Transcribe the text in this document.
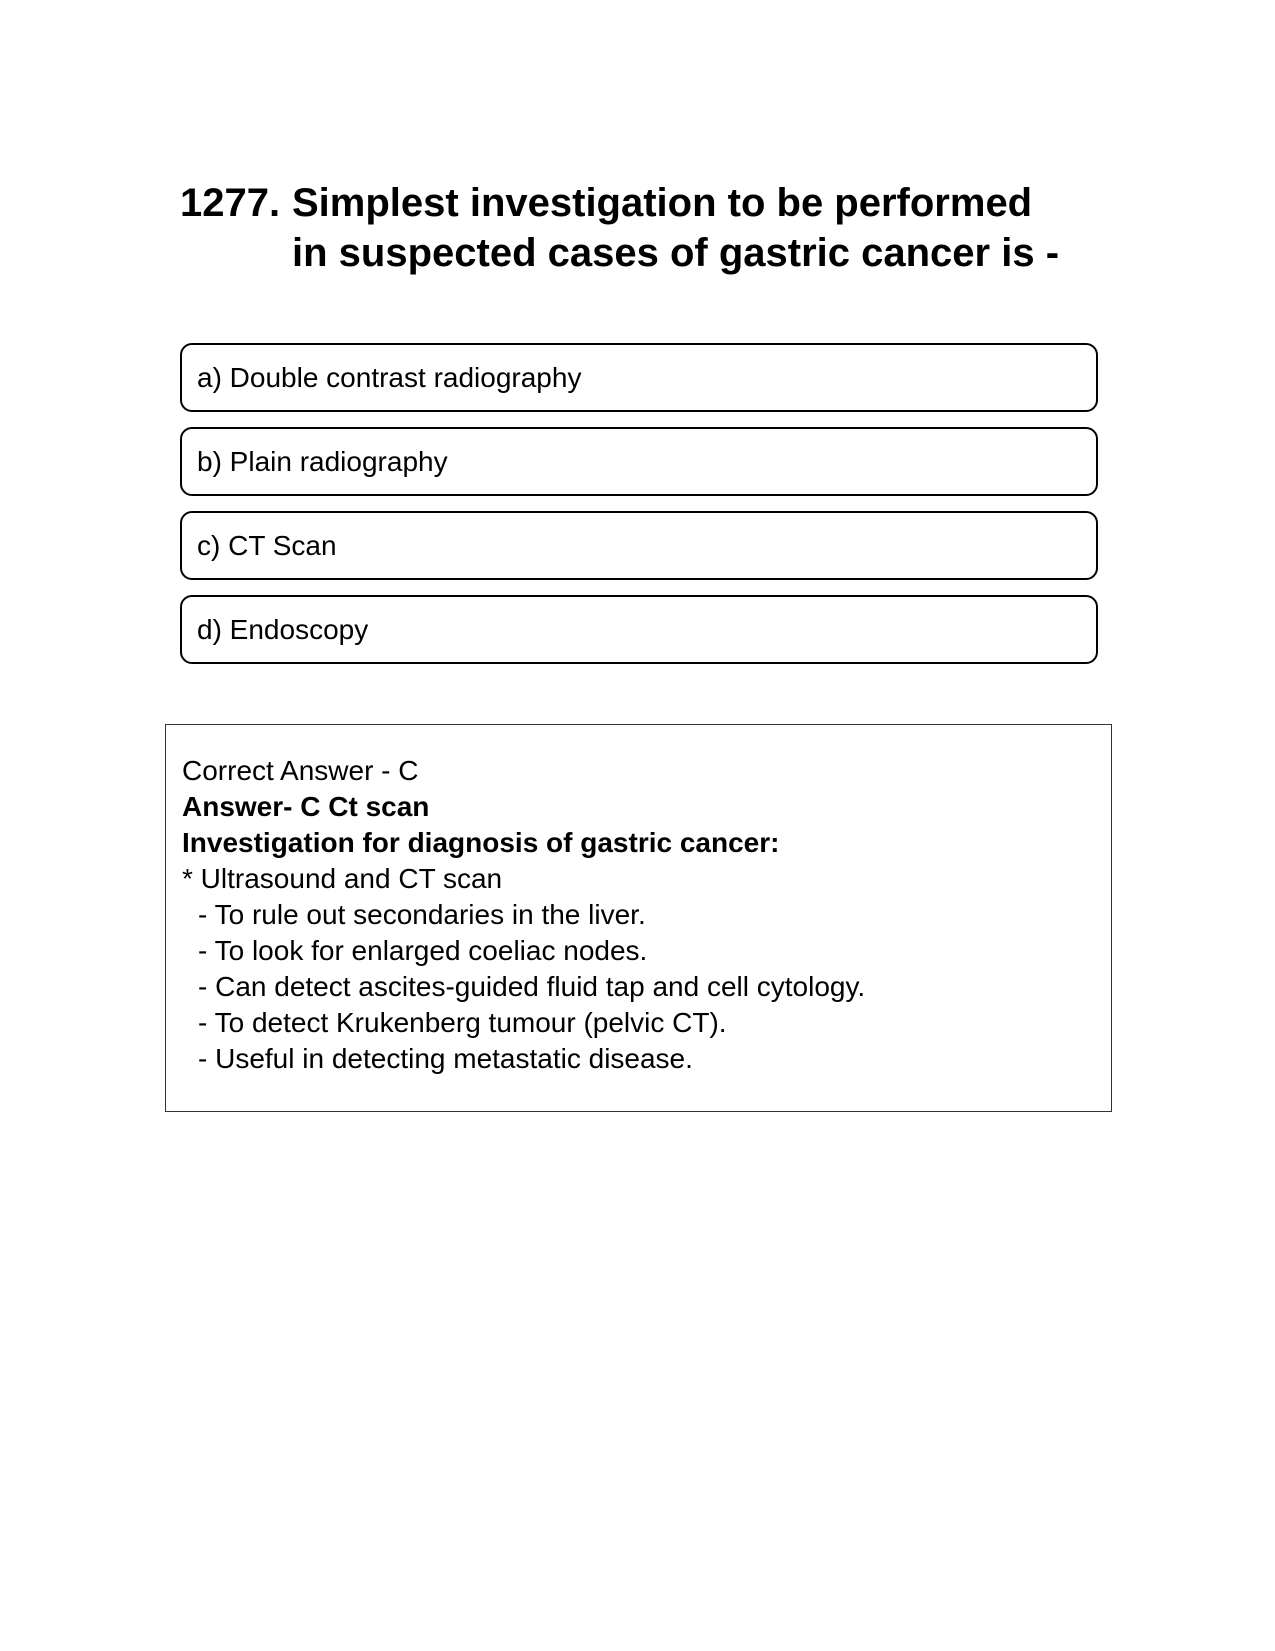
1277. Simplest investigation to be performed in suspected cases of gastric cancer is -
a) Double contrast radiography
b) Plain radiography
c) CT Scan
d) Endoscopy
Correct Answer - C
Answer- C Ct scan
Investigation for diagnosis of gastric cancer:
* Ultrasound and CT scan
- To rule out secondaries in the liver.
- To look for enlarged coeliac nodes.
- Can detect ascites-guided fluid tap and cell cytology.
- To detect Krukenberg tumour (pelvic CT).
- Useful in detecting metastatic disease.
